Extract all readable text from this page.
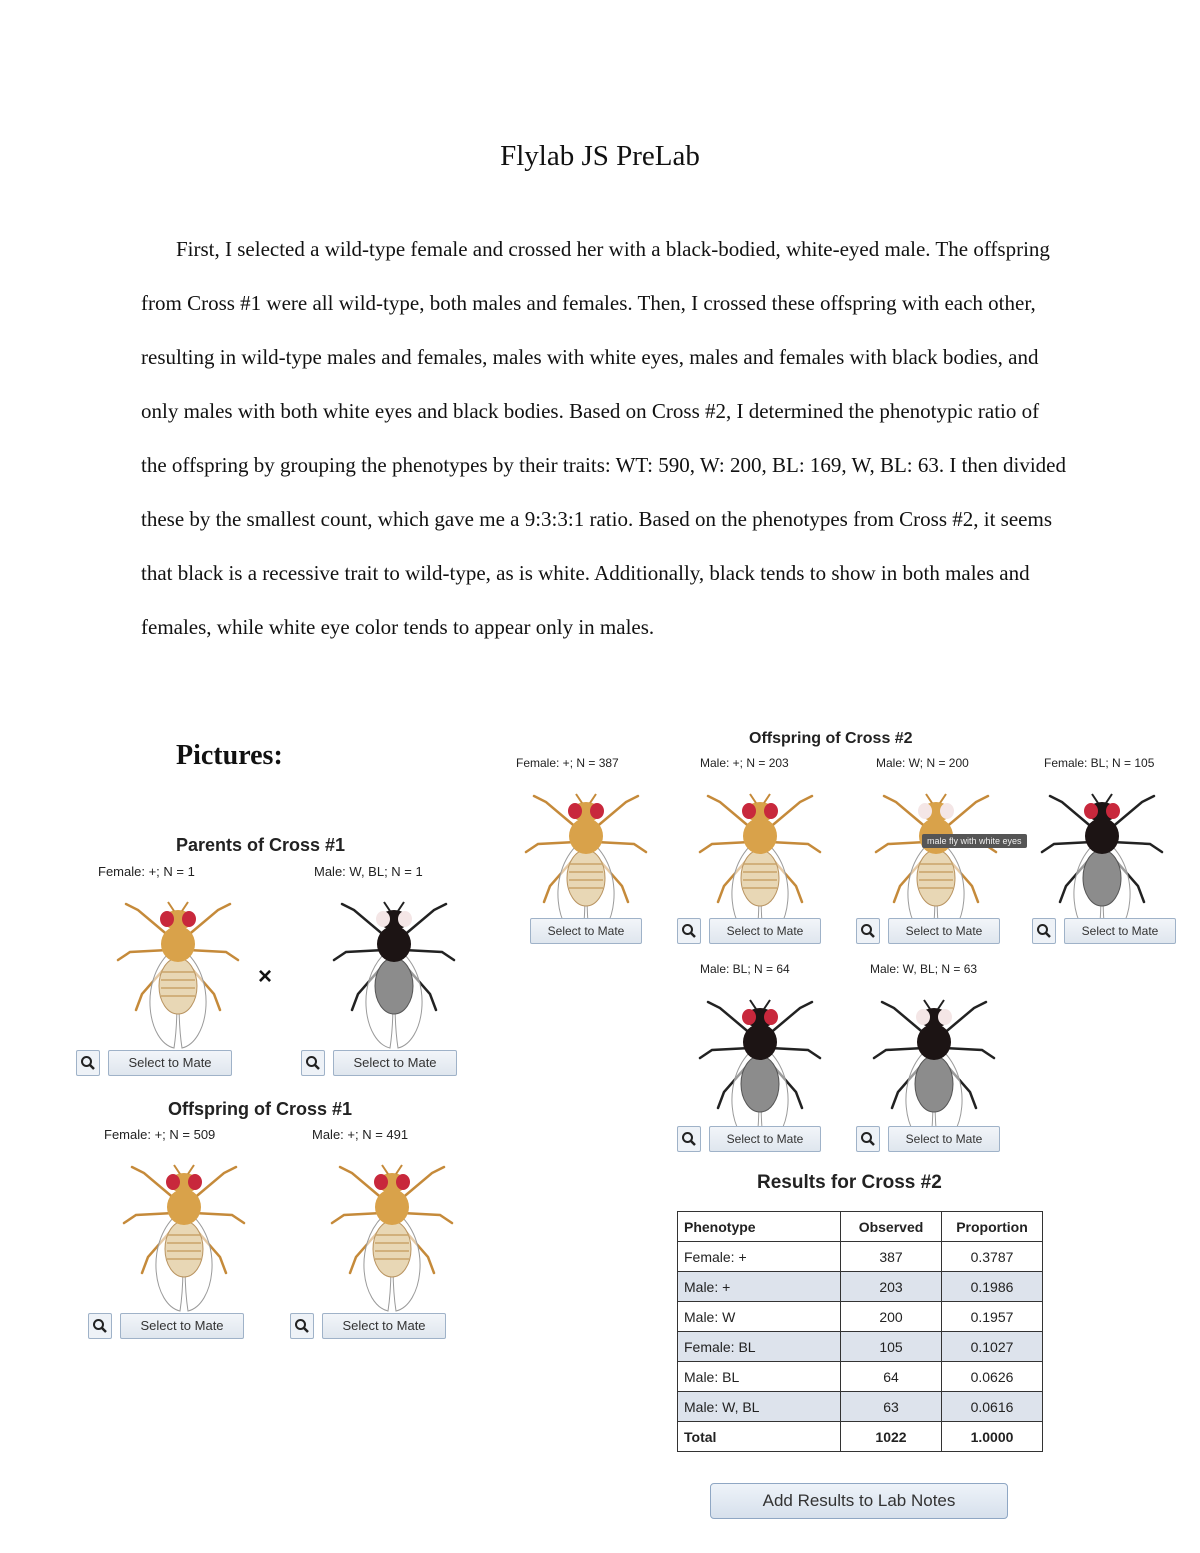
Flylab JS PreLab

First, I selected a wild-type female and crossed her with a black-bodied, white-eyed male. The offspring from Cross #1 were all wild-type, both males and females. Then, I crossed these offspring with each other, resulting in wild-type males and females, males with white eyes, males and females with black bodies, and only males with both white eyes and black bodies. Based on Cross #2, I determined the phenotypic ratio of the offspring by grouping the phenotypes by their traits: WT: 590, W: 200, BL: 169, W, BL: 63. I then divided these by the smallest count, which gave me a 9:3:3:1 ratio. Based on the phenotypes from Cross #2, it seems that black is a recessive trait to wild-type, as is white. Additionally, black tends to show in both males and females, while white eye color tends to appear only in males.

Pictures:
Parents of Cross #1
×
Female: +; N = 1
Select to Mate
Male: W, BL; N = 1
Select to Mate
Offspring of Cross #1
Female: +; N = 509
Select to Mate
Male: +; N = 491
Select to Mate
Offspring of Cross #2
Female: +; N = 387
Select to Mate
Male: +; N = 203
Select to Mate
Male: W; N = 200
male fly with white eyes
Select to Mate
Female: BL; N = 105
Select to Mate
Male: BL; N = 64
Select to Mate
Male: W, BL; N = 63
Select to Mate
Results for Cross #2
Phenotype	Observed	Proportion
Female: +	387	0.3787
Male: +	203	0.1986
Male: W	200	0.1957
Female: BL	105	0.1027
Male: BL	64	0.0626
Male: W, BL	63	0.0616
Total	1022	1.0000
Add Results to Lab Notes
